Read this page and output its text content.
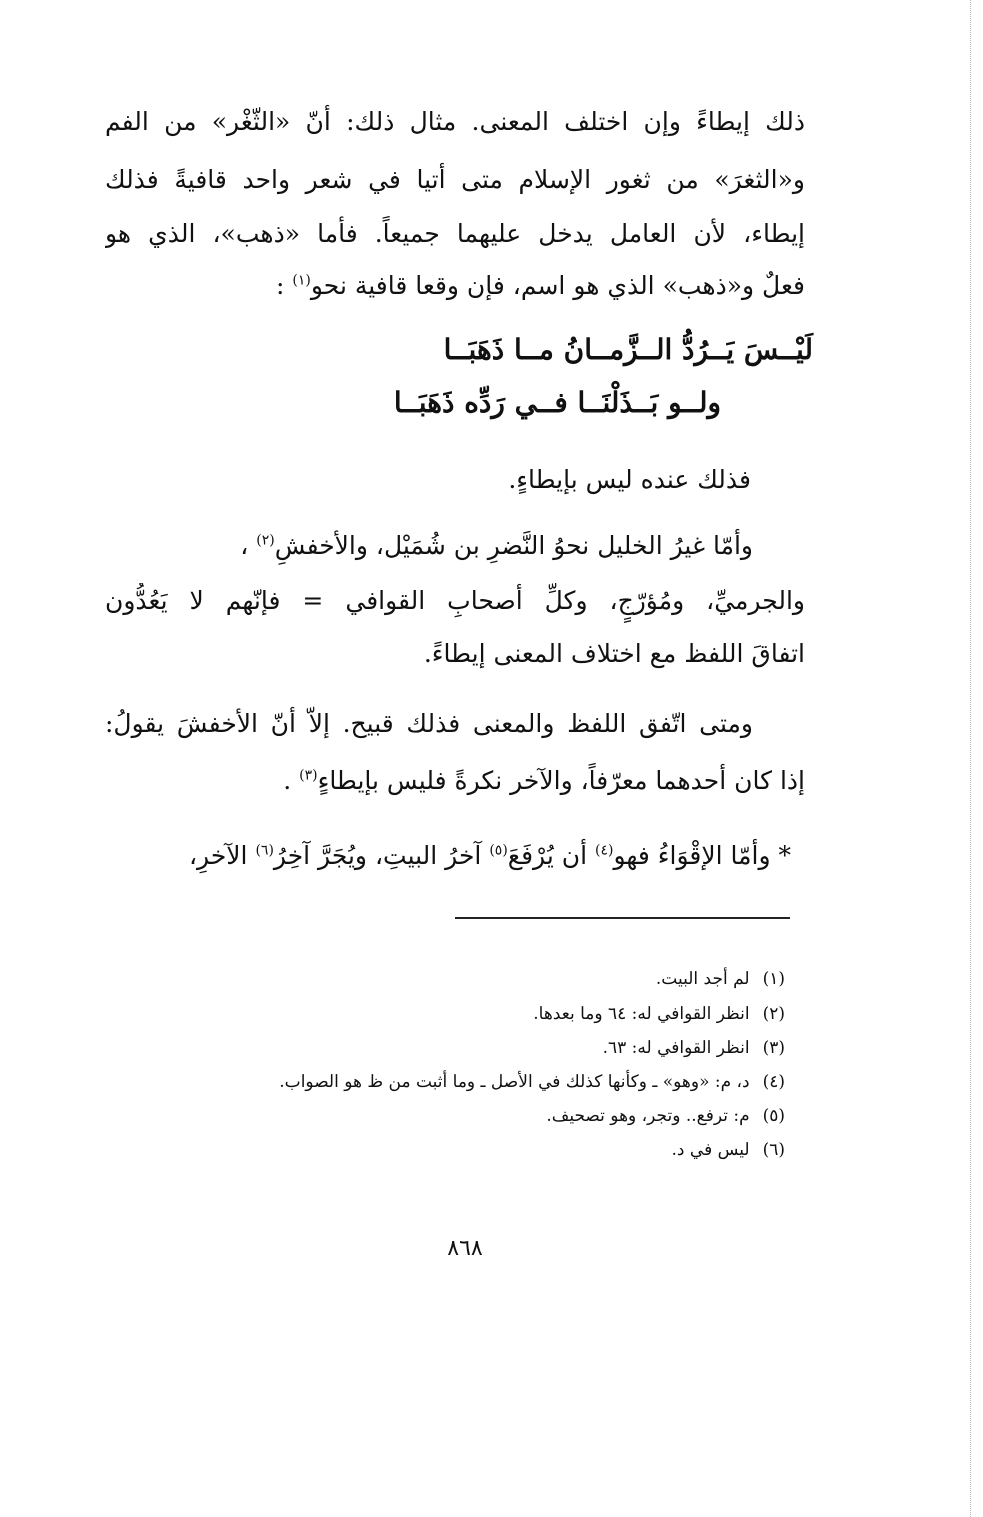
ذلك إيطاءً وإن اختلف المعنى. مثال ذلك: أنّ «الثّغْر» من الفم
و«الثغرَ» من ثغور الإسلام متى أتيا في شعر واحد قافيةً فذلك
إيطاء، لأن العامل يدخل عليهما جميعاً. فأما «ذهب»، الذي هو
فعلٌ و«ذهب» الذي هو اسم، فإن وقعا قافية نحو$^{(١)}$ :
لَيْــسَ يَــرُدُّ الــزَّمــانُ مــا ذَهَبَــا
ولــو بَــذَلْنَــا فــي رَدِّه ذَهَبَــا
فذلك عنده ليس بإيطاءٍ.
وأمّا غيرُ الخليل نحوُ النَّضرِ بن شُمَيْل، والأخفشِ$^{(٢)}$ ،
والجرميِّ، ومُؤرّجٍ، وكلِّ أصحابِ القوافي = فإنّهم لا يَعُدُّون
اتفاقَ اللفظ مع اختلاف المعنى إيطاءً.
ومتى اتّفق اللفظ والمعنى فذلك قبيح. إلاّ أنّ الأخفشَ يقولُ:
إذا كان أحدهما معرّفاً، والآخر نكرةً فليس بإيطاءٍ$^{(٣)}$ .
* وأمّا الإقْوَاءُ فهو$^{(٤)}$ أن يُرْفَعَ$^{(٥)}$ آخرُ البيتِ، ويُجَرَّ آخِرُ$^{(٦)}$ الآخرِ،
(١) لم أجد البيت.
(٢) انظر القوافي له: ٦٤ وما بعدها.
(٣) انظر القوافي له: ٦٣.
(٤) د، م: «وهو» ـ وكأنها كذلك في الأصل ـ وما أثبت من ظ هو الصواب.
(٥) م: ترفع.. وتجر، وهو تصحيف.
(٦) ليس في د.
٨٦٨
